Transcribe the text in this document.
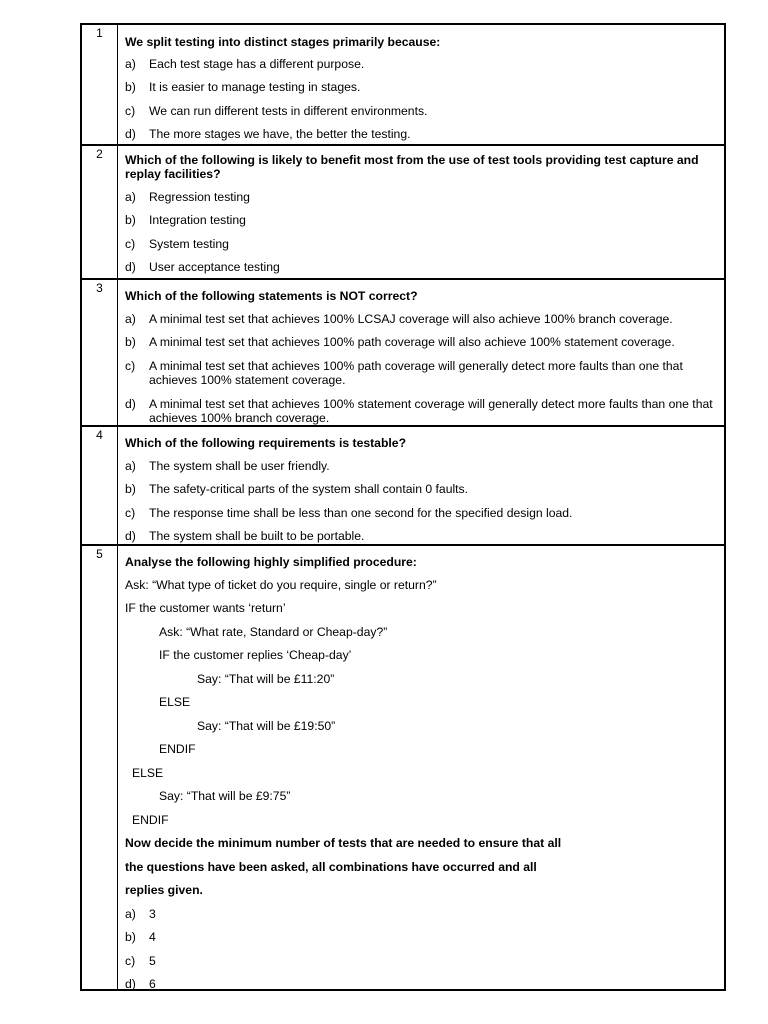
1
We split testing into distinct stages primarily because:
a) Each test stage has a different purpose.
b) It is easier to manage testing in stages.
c) We can run different tests in different environments.
d) The more stages we have, the better the testing.
2	Which of the following is likely to benefit most from the use of test tools providing test capture and replay facilities?
a) Regression testing
b) Integration testing
c) System testing
d) User acceptance testing
3
Which of the following statements is NOT correct?
a) A minimal test set that achieves 100% LCSAJ coverage will also achieve 100% branch coverage.
b) A minimal test set that achieves 100% path coverage will also achieve 100% statement coverage.
c) A minimal test set that achieves 100% path coverage will generally detect more faults than one that achieves 100% statement coverage.
d) A minimal test set that achieves 100% statement coverage will generally detect more faults than one that achieves 100% branch coverage.
4
Which of the following requirements is testable?
a) The system shall be user friendly.
b) The safety-critical parts of the system shall contain 0 faults.
c) The response time shall be less than one second for the specified design load.
d) The system shall be built to be portable.
5
Analyse the following highly simplified procedure:
Ask: “What type of ticket do you require, single or return?”
IF the customer wants ‘return’
Ask: “What rate, Standard or Cheap-day?”
IF the customer replies ‘Cheap-day’
Say: “That will be £11:20”
ELSE
Say: “That will be £19:50”
ENDIF
ELSE
Say: “That will be £9:75”
ENDIF
Now decide the minimum number of tests that are needed to ensure that all
the questions have been asked, all combinations have occurred and all
replies given.
a) 3
b) 4
c) 5
d) 6
